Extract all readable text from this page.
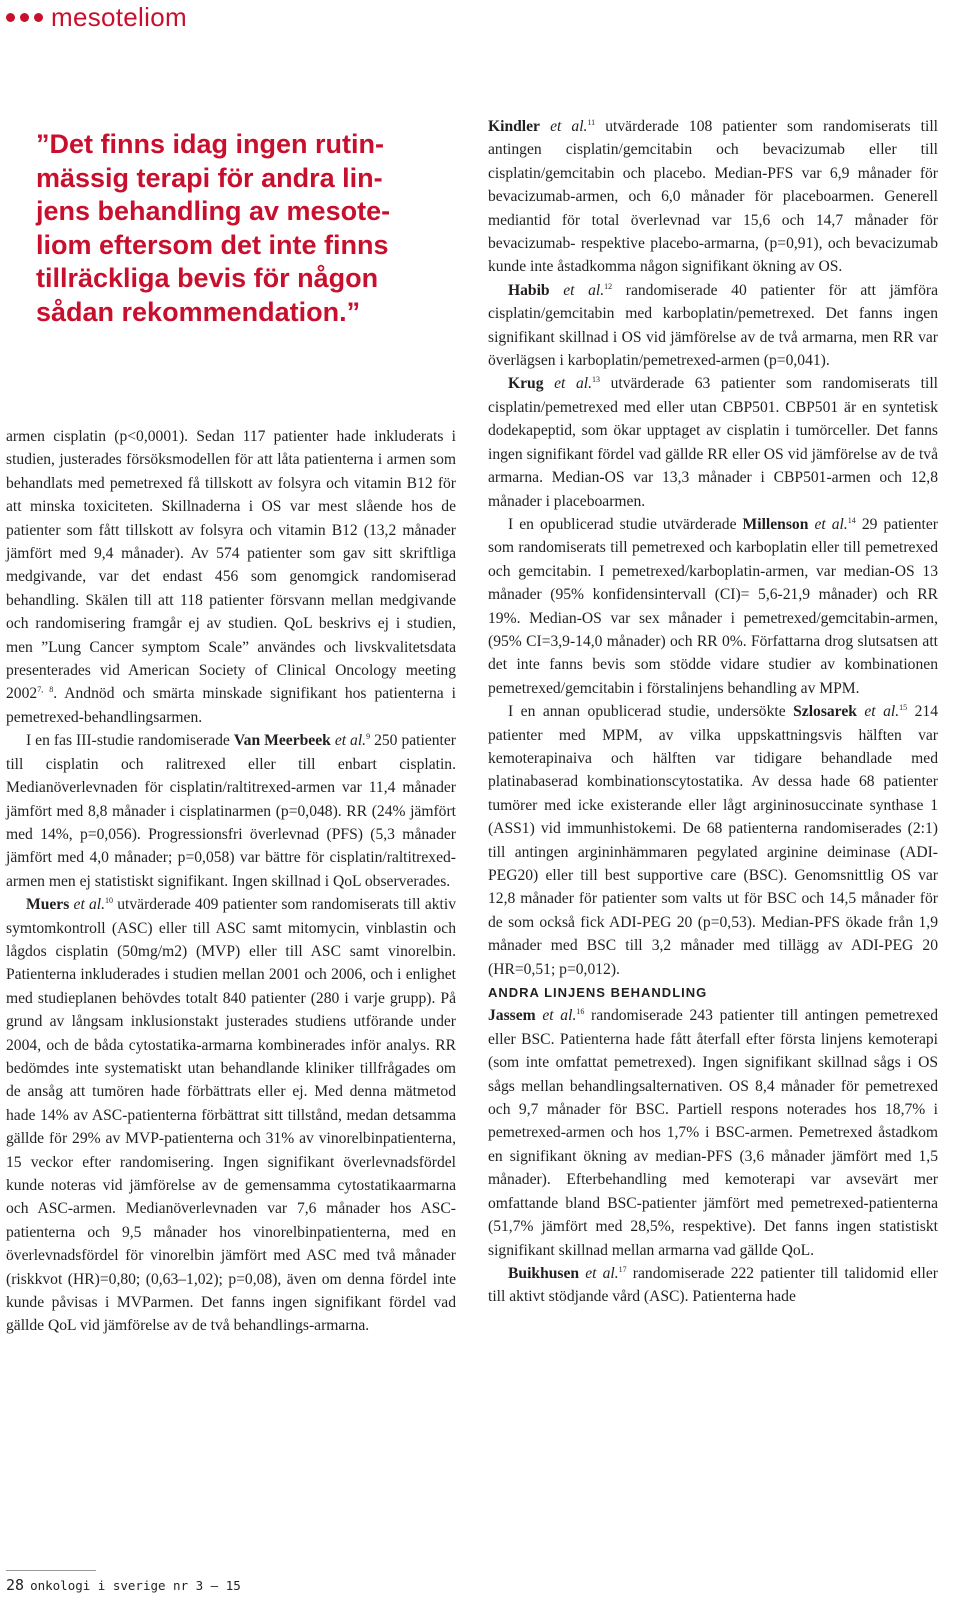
mesoteliom
”Det finns idag ingen rutin-
mässig terapi för andra lin-
jens behandling av mesote-
liom eftersom det inte finns
tillräckliga bevis för någon
sådan rekommendation.”

armen cisplatin (p<0,0001). Sedan 117 patienter hade inkluderats i studien, justerades försöksmodellen för att låta patienterna i armen som behandlats med pemetrexed få tillskott av folsyra och vitamin B12 för att minska toxiciteten. Skillnaderna i OS var mest slående hos de patienter som fått tillskott av folsyra och vitamin B12 (13,2 månader jämfört med 9,4 månader). Av 574 patienter som gav sitt skriftliga medgivande, var det endast 456 som genomgick randomiserad behandling. Skälen till att 118 patienter försvann mellan medgivande och randomisering framgår ej av studien. QoL beskrivs ej i studien, men ”Lung Cancer symptom Scale” användes och livskvalitetsdata presenterades vid American Society of Clinical Oncology meeting 2002$^{7, 8}$. Andnöd och smärta minskade signifikant hos patienterna i pemetrexed-behandlingsarmen.

I en fas III-studie randomiserade Van Meerbeek et al.$^9$ 250 patienter till cisplatin och ralitrexed eller till enbart cisplatin. Medianöverlevnaden för cisplatin/raltitrexed-armen var 11,4 månader jämfört med 8,8 månader i cisplatinarmen (p=0,048). RR (24% jämfört med 14%, p=0,056). Progressionsfri överlevnad (PFS) (5,3 månader jämfört med 4,0 månader; p=0,058) var bättre för cisplatin/raltitrexed-armen men ej statistiskt signifikant. Ingen skillnad i QoL observerades.

Muers et al.$^{10}$ utvärderade 409 patienter som randomiserats till aktiv symtomkontroll (ASC) eller till ASC samt mitomycin, vinblastin och lågdos cisplatin (50mg/m2) (MVP) eller till ASC samt vinorelbin. Patienterna inkluderades i studien mellan 2001 och 2006, och i enlighet med studieplanen behövdes totalt 840 patienter (280 i varje grupp). På grund av långsam inklusionstakt justerades studiens utförande under 2004, och de båda cytostatika-armarna kombinerades inför analys. RR bedömdes inte systematiskt utan behandlande kliniker tillfrågades om de ansåg att tumören hade förbättrats eller ej. Med denna mätmetod hade 14% av ASC-patienterna förbättrat sitt tillstånd, medan detsamma gällde för 29% av MVP-patienterna och 31% av vinorelbinpatienterna, 15 veckor efter randomisering. Ingen signifikant överlevnadsfördel kunde noteras vid jämförelse av de gemensamma cytostatikaarmarna och ASC-armen. Medianöverlevnaden var 7,6 månader hos ASC-patienterna och 9,5 månader hos vinorelbinpatienterna, med en överlevnadsfördel för vinorelbin jämfört med ASC med två månader (riskkvot (HR)=0,80; (0,63–1,02); p=0,08), även om denna fördel inte kunde påvisas i MVParmen. Det fanns ingen signifikant fördel vad gällde QoL vid jämförelse av de två behandlings-armarna.

Kindler et al.$^{11}$ utvärderade 108 patienter som randomiserats till antingen cisplatin/gemcitabin och bevacizumab eller till cisplatin/gemcitabin och placebo. Median-PFS var 6,9 månader för bevacizumab-armen, och 6,0 månader för placeboarmen. Generell mediantid för total överlevnad var 15,6 och 14,7 månader för bevacizumab- respektive placebo-armarna, (p=0,91), och bevacizumab kunde inte åstadkomma någon signifikant ökning av OS.

Habib et al.$^{12}$ randomiserade 40 patienter för att jämföra cisplatin/gemcitabin med karboplatin/pemetrexed. Det fanns ingen signifikant skillnad i OS vid jämförelse av de två armarna, men RR var överlägsen i karboplatin/pemetrexed-armen (p=0,041).

Krug et al.$^{13}$ utvärderade 63 patienter som randomiserats till cisplatin/pemetrexed med eller utan CBP501. CBP501 är en syntetisk dodekapeptid, som ökar upptaget av cisplatin i tumörceller. Det fanns ingen signifikant fördel vad gällde RR eller OS vid jämförelse av de två armarna. Median-OS var 13,3 månader i CBP501-armen och 12,8 månader i placeboarmen.

I en opublicerad studie utvärderade Millenson et al.$^{14}$ 29 patienter som randomiserats till pemetrexed och karboplatin eller till pemetrexed och gemcitabin. I pemetrexed/karboplatin-armen, var median-OS 13 månader (95% konfidensintervall (CI)= 5,6-21,9 månader) och RR 19%. Median-OS var sex månader i pemetrexed/gemcitabin-armen, (95% CI=3,9-14,0 månader) och RR 0%. Författarna drog slutsatsen att det inte fanns bevis som stödde vidare studier av kombinationen pemetrexed/gemcitabin i förstalinjens behandling av MPM.

I en annan opublicerad studie, undersökte Szlosarek et al.$^{15}$ 214 patienter med MPM, av vilka uppskattningsvis hälften var kemoterapinaiva och hälften var tidigare behandlade med platinabaserad kombinationscytostatika. Av dessa hade 68 patienter tumörer med icke existerande eller lågt argininosuccinate synthase 1 (ASS1) vid immunhistokemi. De 68 patienterna randomiserades (2:1) till antingen argininhämmaren pegylated arginine deiminase (ADI-PEG20) eller till best supportive care (BSC). Genomsnittlig OS var 12,8 månader för patienter som valts ut för BSC och 14,5 månader för de som också fick ADI-PEG 20 (p=0,53). Median-PFS ökade från 1,9 månader med BSC till 3,2 månader med tillägg av ADI-PEG 20 (HR=0,51; p=0,012).

ANDRA LINJENS BEHANDLING

Jassem et al.$^{16}$ randomiserade 243 patienter till antingen pemetrexed eller BSC. Patienterna hade fått återfall efter första linjens kemoterapi (som inte omfattat pemetrexed). Ingen signifikant skillnad sågs i OS sågs mellan behandlingsalternativen. OS 8,4 månader för pemetrexed och 9,7 månader för BSC. Partiell respons noterades hos 18,7% i pemetrexed-armen och hos 1,7% i BSC-armen. Pemetrexed åstadkom en signifikant ökning av median-PFS (3,6 månader jämfört med 1,5 månader). Efterbehandling med kemoterapi var avsevärt mer omfattande bland BSC-patienter jämfört med pemetrexed-patienterna (51,7% jämfört med 28,5%, respektive). Det fanns ingen statistiskt signifikant skillnad mellan armarna vad gällde QoL.

Buikhusen et al.$^{17}$ randomiserade 222 patienter till talidomid eller till aktivt stödjande vård (ASC). Patienterna hade

28 onkologi i sverige nr 3 – 15
